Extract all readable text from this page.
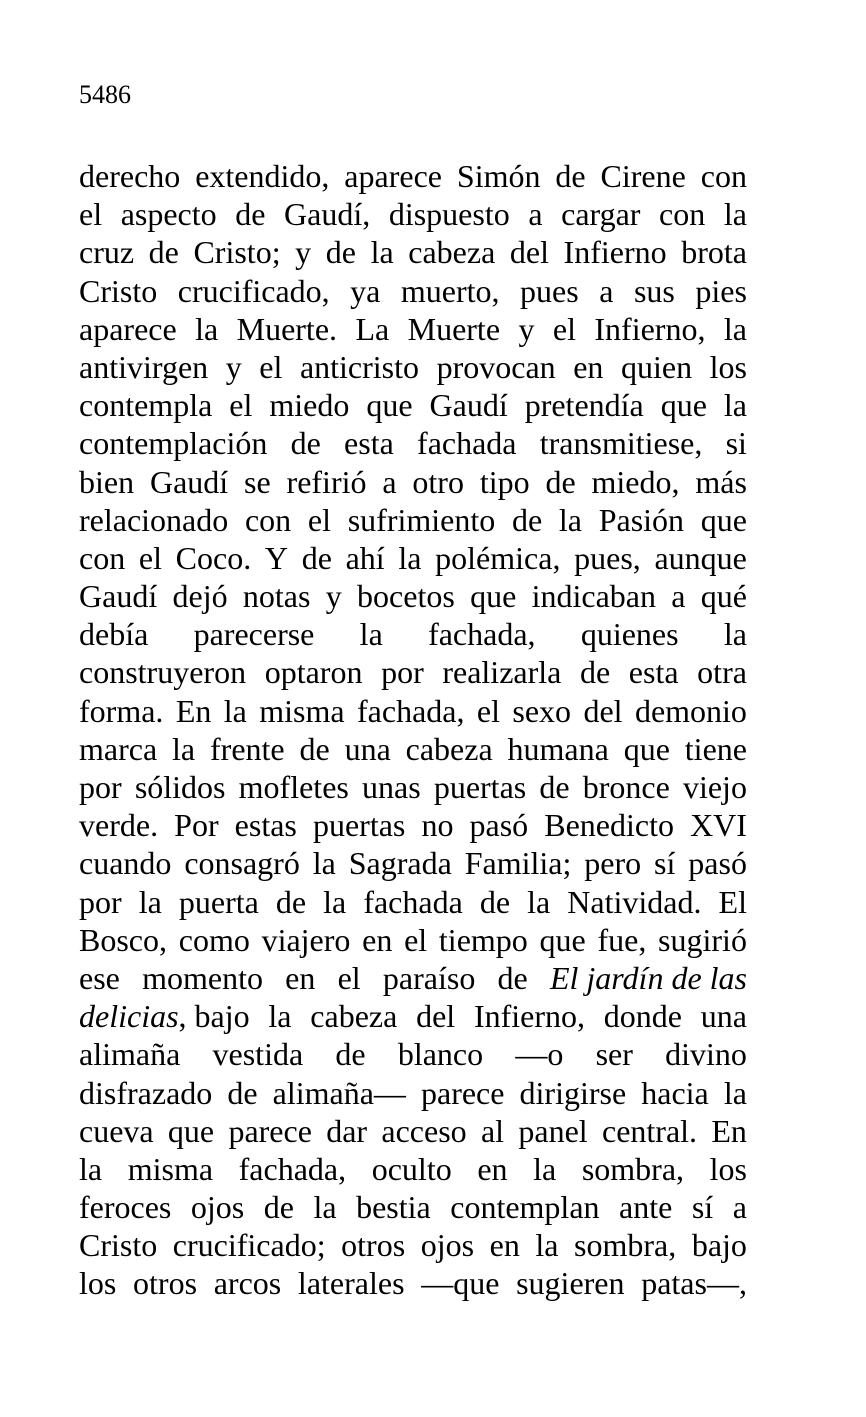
5486
derecho extendido, aparece Simón de Cirene con
el aspecto de Gaudí, dispuesto a cargar con la
cruz de Cristo; y de la cabeza del Infierno brota
Cristo crucificado, ya muerto, pues a sus pies
aparece la Muerte. La Muerte y el Infierno, la
antivirgen y el anticristo provocan en quien los
contempla el miedo que Gaudí pretendía que la
contemplación de esta fachada transmitiese, si
bien Gaudí se refirió a otro tipo de miedo, más
relacionado con el sufrimiento de la Pasión que
con el Coco. Y de ahí la polémica, pues, aunque
Gaudí dejó notas y bocetos que indicaban a qué
debía parecerse la fachada, quienes la
construyeron optaron por realizarla de esta otra
forma. En la misma fachada, el sexo del demonio
marca la frente de una cabeza humana que tiene
por sólidos mofletes unas puertas de bronce viejo
verde. Por estas puertas no pasó Benedicto XVI
cuando consagró la Sagrada Familia; pero sí pasó
por la puerta de la fachada de la Natividad. El
Bosco, como viajero en el tiempo que fue, sugirió
ese momento en el paraíso de El jardín de las
delicias, bajo la cabeza del Infierno, donde una
alimaña vestida de blanco —o ser divino
disfrazado de alimaña— parece dirigirse hacia la
cueva que parece dar acceso al panel central. En
la misma fachada, oculto en la sombra, los
feroces ojos de la bestia contemplan ante sí a
Cristo crucificado; otros ojos en la sombra, bajo
los otros arcos laterales —que sugieren patas—,
